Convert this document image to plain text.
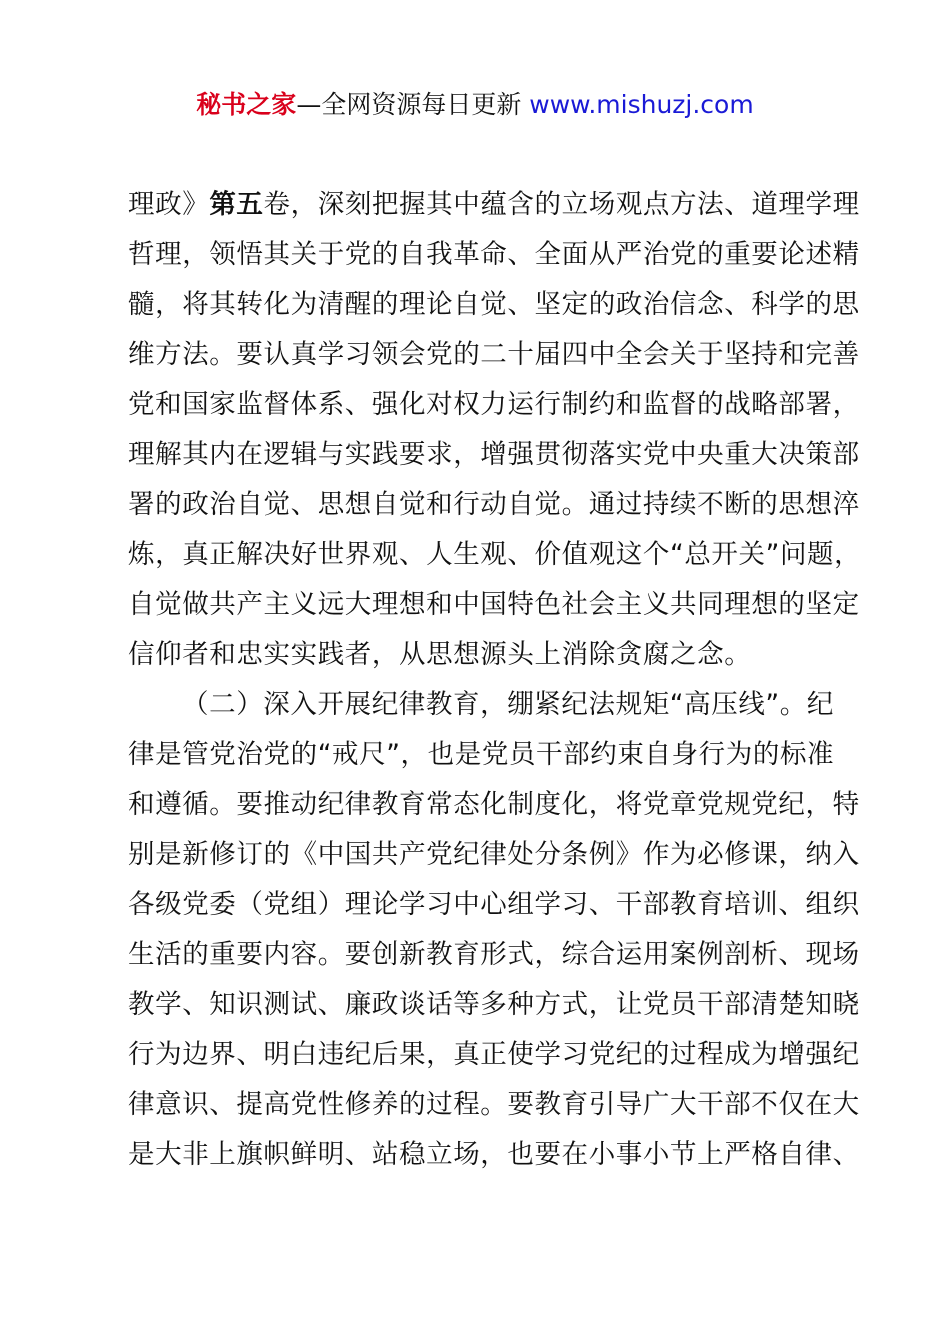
秘书之家—全网资源每日更新 www.mishuzj.com
理政》第五卷，深刻把握其中蕴含的立场观点方法、道理学理
哲理，领悟其关于党的自我革命、全面从严治党的重要论述精
髓，将其转化为清醒的理论自觉、坚定的政治信念、科学的思
维方法。要认真学习领会党的二十届四中全会关于坚持和完善
党和国家监督体系、强化对权力运行制约和监督的战略部署，
理解其内在逻辑与实践要求，增强贯彻落实党中央重大决策部
署的政治自觉、思想自觉和行动自觉。通过持续不断的思想淬
炼，真正解决好世界观、人生观、价值观这个“总开关”问题，
自觉做共产主义远大理想和中国特色社会主义共同理想的坚定
信仰者和忠实实践者，从思想源头上消除贪腐之念。
（二）深入开展纪律教育，绷紧纪法规矩“高压线”。纪
律是管党治党的“戒尺”，也是党员干部约束自身行为的标准
和遵循。要推动纪律教育常态化制度化，将党章党规党纪，特
别是新修订的《中国共产党纪律处分条例》作为必修课，纳入
各级党委（党组）理论学习中心组学习、干部教育培训、组织
生活的重要内容。要创新教育形式，综合运用案例剖析、现场
教学、知识测试、廉政谈话等多种方式，让党员干部清楚知晓
行为边界、明白违纪后果，真正使学习党纪的过程成为增强纪
律意识、提高党性修养的过程。要教育引导广大干部不仅在大
是大非上旗帜鲜明、站稳立场，也要在小事小节上严格自律、
